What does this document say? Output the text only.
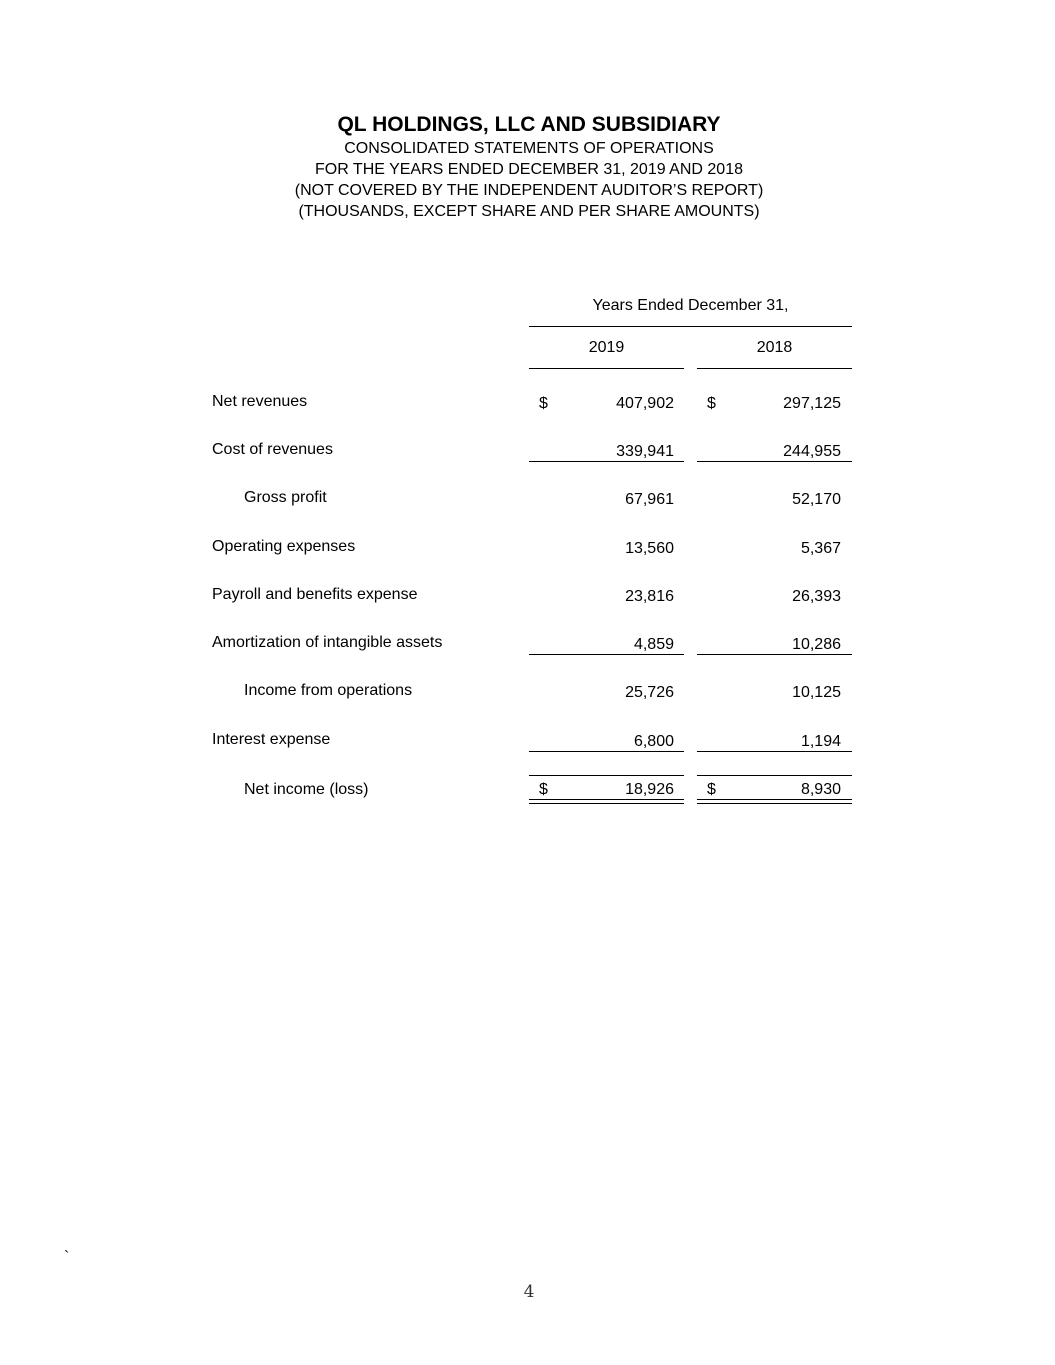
QL HOLDINGS, LLC AND SUBSIDIARY
CONSOLIDATED STATEMENTS OF OPERATIONS
FOR THE YEARS ENDED DECEMBER 31, 2019 AND 2018
(NOT COVERED BY THE INDEPENDENT AUDITOR’S REPORT)
(THOUSANDS, EXCEPT SHARE AND PER SHARE AMOUNTS)
Years Ended December 31,
2019	2018
Net revenues	$	407,902 $	297,125
Cost of revenues	339,941	244,955
Gross profit	67,961	52,170
Operating expenses	13,560	5,367
Payroll and benefits expense	23,816	26,393
Amortization of intangible assets	4,859	10,286
Income from operations	25,726	10,125
Interest expense	6,800	1,194
Net income (loss)	$	18,926 $	8,930
`
4
